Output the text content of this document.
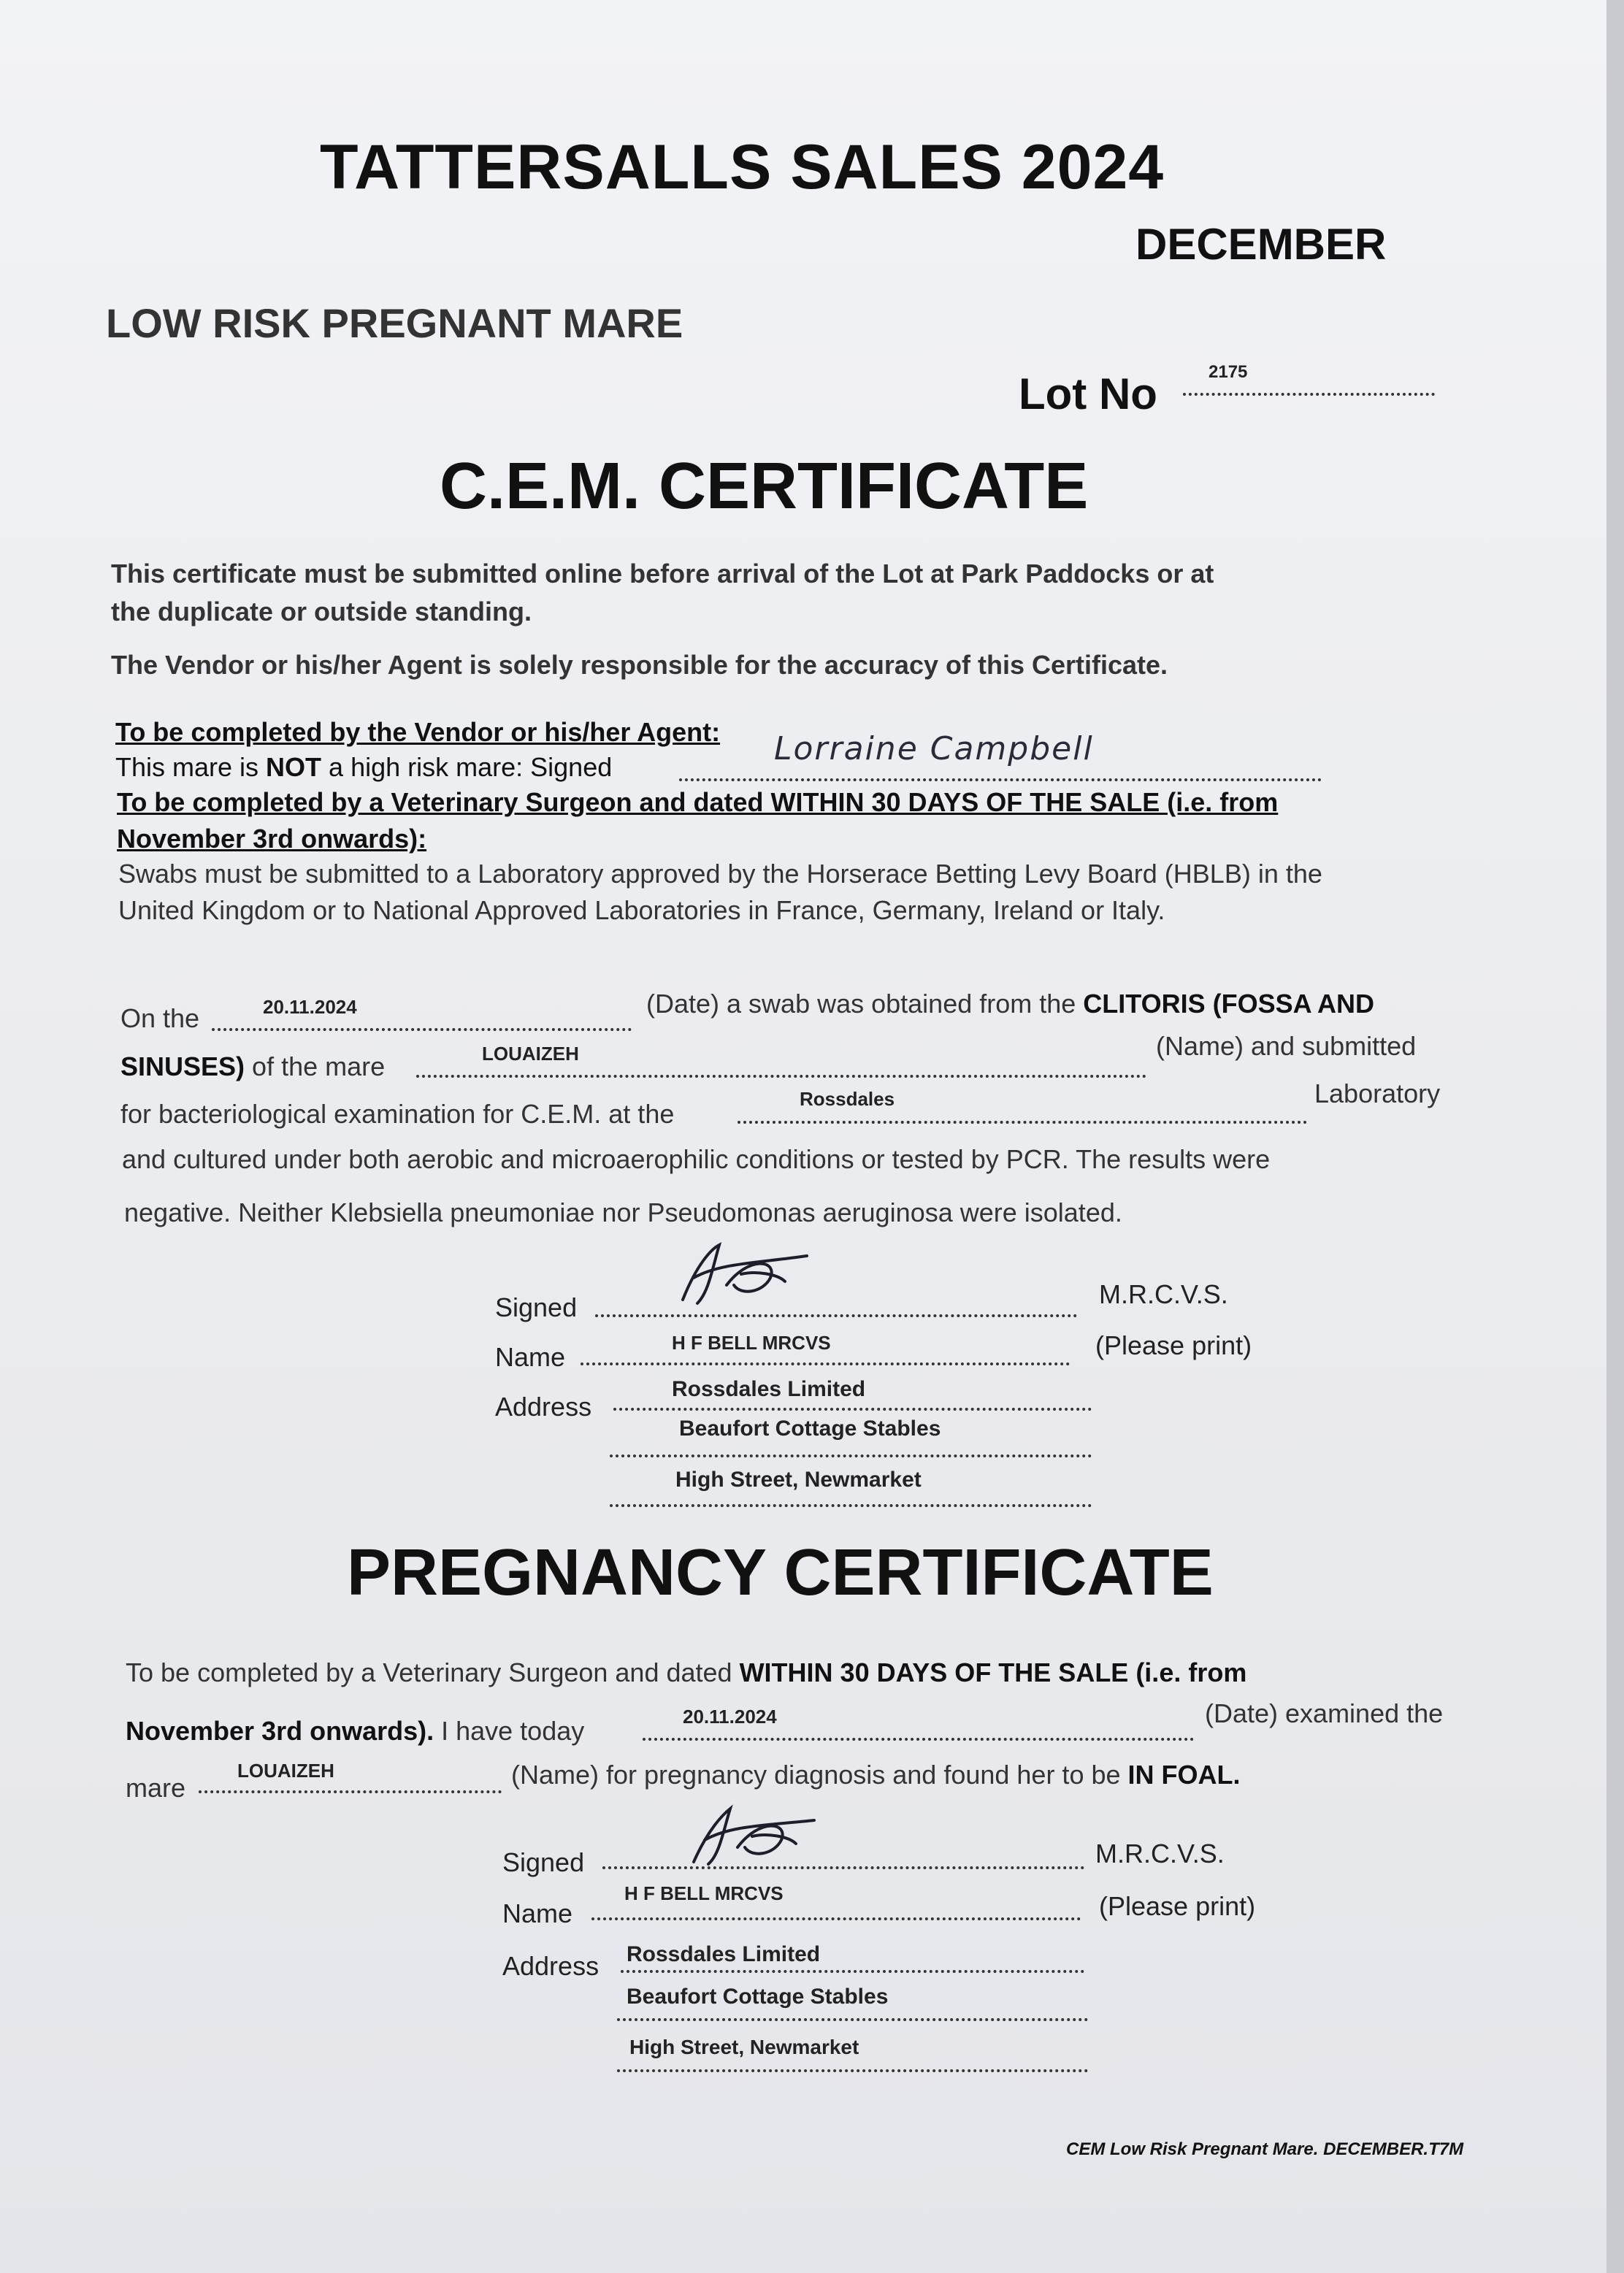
TATTERSALLS SALES 2024
DECEMBER
LOW RISK PREGNANT MARE
Lot No	2175
C.E.M. CERTIFICATE
This certificate must be submitted online before arrival of the Lot at Park Paddocks or at
the duplicate or outside standing.
The Vendor or his/her Agent is solely responsible for the accuracy of this Certificate.
To be completed by the Vendor or his/her Agent:
This mare is NOT a high risk mare: Signed	Lorraine Campbell
To be completed by a Veterinary Surgeon and dated WITHIN 30 DAYS OF THE SALE (i.e. from
November 3rd onwards):
Swabs must be submitted to a Laboratory approved by the Horserace Betting Levy Board (HBLB) in the
United Kingdom or to National Approved Laboratories in France, Germany, Ireland or Italy.
On the	20.11.2024	(Date) a swab was obtained from the CLITORIS (FOSSA AND
SINUSES) of the mare	LOUAIZEH	(Name) and submitted
for bacteriological examination for C.E.M. at the	Rossdales	Laboratory
and cultured under both aerobic and microaerophilic conditions or tested by PCR. The results were
negative. Neither Klebsiella pneumoniae nor Pseudomonas aeruginosa were isolated.
Signed	M.R.C.V.S.
Name	H F BELL MRCVS	(Please print)
Address
Rossdales Limited
Beaufort Cottage Stables
High Street, Newmarket
PREGNANCY CERTIFICATE
To be completed by a Veterinary Surgeon and dated WITHIN 30 DAYS OF THE SALE (i.e. from
November 3rd onwards). I have today	20.11.2024	(Date) examined the
mare
LOUAIZEH	(Name) for pregnancy diagnosis and found her to be IN FOAL.
Signed	M.R.C.V.S.
Name
H F BELL MRCVS	(Please print)
Address Rossdales Limited
Beaufort Cottage Stables
High Street, Newmarket
CEM Low Risk Pregnant Mare. DECEMBER.T7M
